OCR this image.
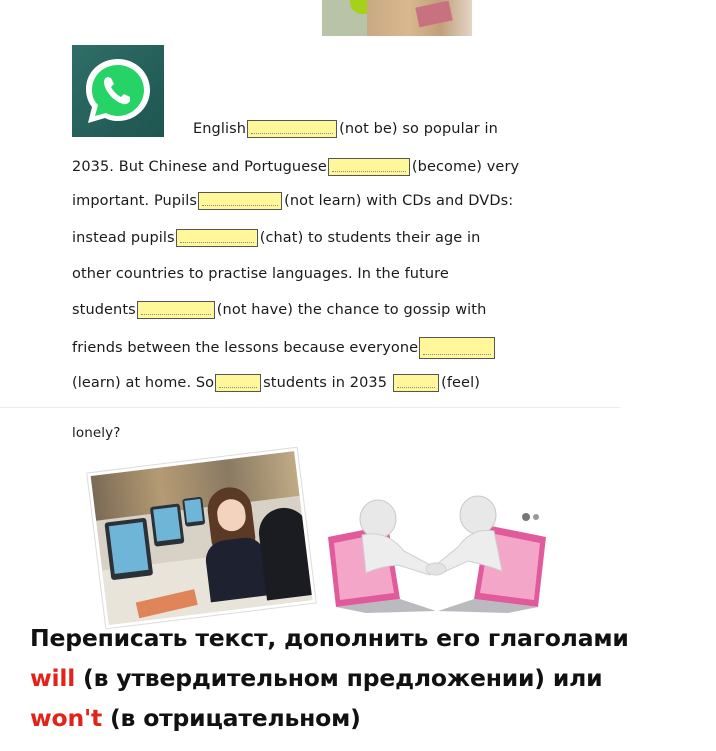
English	(not be) so popular in
2035. But Chinese and Portuguese	(become) very
important. Pupils	(not learn) with CDs and DVDs:
instead pupils	(chat) to students their age in
other countries to practise languages. In the future
students	(not have) the chance to gossip with
friends between the lessons because everyone
(learn) at home. So	students in 2035	(feel)
lonely?
Переписать текст, дополнить его глаголами
will (в утвердительном предложении) или
won't (в отрицательном)
